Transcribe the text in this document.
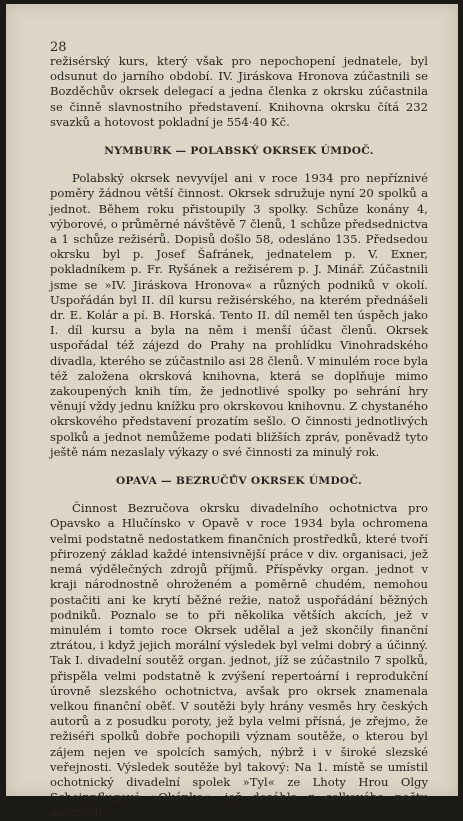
28

režisérský kurs, který však pro nepochopení jednatele, byl odsunut do jarního období. IV. Jiráskova Hronova zúčastnili se Bozděchův okrsek delegací a jedna členka z okrsku zúčastnila se činně slavnostního představení. Knihovna okrsku čítá 232 svazků a hotovost pokladní je 554·40 Kč.

NYMBURK — POLABSKÝ OKRSEK ÚMDOČ.

Polabský okrsek nevyvíjel ani v roce 1934 pro nepříznivé poměry žádnou větší činnost. Okrsek sdružuje nyní 20 spolků a jednot. Během roku přistoupily 3 spolky. Schůze konány 4, výborové, o průměrné návštěvě 7 členů, 1 schůze předsednictva a 1 schůze režisérů. Dopisů došlo 58, odesláno 135. Předsedou okrsku byl p. Josef Šafránek, jednatelem p. V. Exner, pokladníkem p. Fr. Ryšánek a režisérem p. J. Minář. Zúčastnili jsme se »IV. Jiráskova Hronova« a různých podniků v okolí. Uspořádán byl II. díl kursu režisérského, na kterém přednášeli dr. E. Kolár a pí. B. Horská. Tento II. díl neměl ten úspěch jako I. díl kursu a byla na něm i menší účast členů. Okrsek uspořádal též zájezd do Prahy na prohlídku Vinohradského divadla, kterého se zúčastnilo asi 28 členů. V minulém roce byla též založena okrsková knihovna, která se doplňuje mimo zakoupených knih tím, že jednotlivé spolky po sehrání hry věnují vždy jednu knížku pro okrskovou knihovnu. Z chystaného okrskového představení prozatím sešlo. O činnosti jednotlivých spolků a jednot nemůžeme podati bližších zpráv, poněvadž tyto ještě nám nezaslaly výkazy o své činnosti za minulý rok.

OPAVA — BEZRUČŮV OKRSEK ÚMDOČ.

Činnost Bezručova okrsku divadelního ochotnictva pro Opavsko a Hlučínsko v Opavě v roce 1934 byla ochromena velmi podstatně nedostatkem finančních prostředků, které tvoří přirozený základ každé intensivnější práce v div. organisaci, jež nemá výdělečných zdrojů příjmů. Příspěvky organ. jednot v kraji národnostně ohroženém a poměrně chudém, nemohou postačiti ani ke krytí běžné režie, natož uspořádání běžných podniků. Poznalo se to při několika větších akcích, jež v minulém i tomto roce Okrsek udělal a jež skončily finanční ztrátou, i když jejich morální výsledek byl velmi dobrý a účinný. Tak I. divadelní soutěž organ. jednot, jíž se zúčastnilo 7 spolků, přispěla velmi podstatně k zvýšení repertoární i reprodukční úrovně slezského ochotnictva, avšak pro okrsek znamenala velkou finanční oběť. V soutěži byly hrány vesměs hry českých autorů a z posudku poroty, jež byla velmi přísná, je zřejmo, že režiséři spolků dobře pochopili význam soutěže, o kterou byl zájem nejen ve spolcích samých, nýbrž i v široké slezské veřejnosti. Výsledek soutěže byl takový: Na 1. místě se umístil ochotnický divadelní spolek »Tyl« ze Lhoty Hrou Olgy Scheinpflugové »Okénko«, jež dosáhla z celkového počtu možných
